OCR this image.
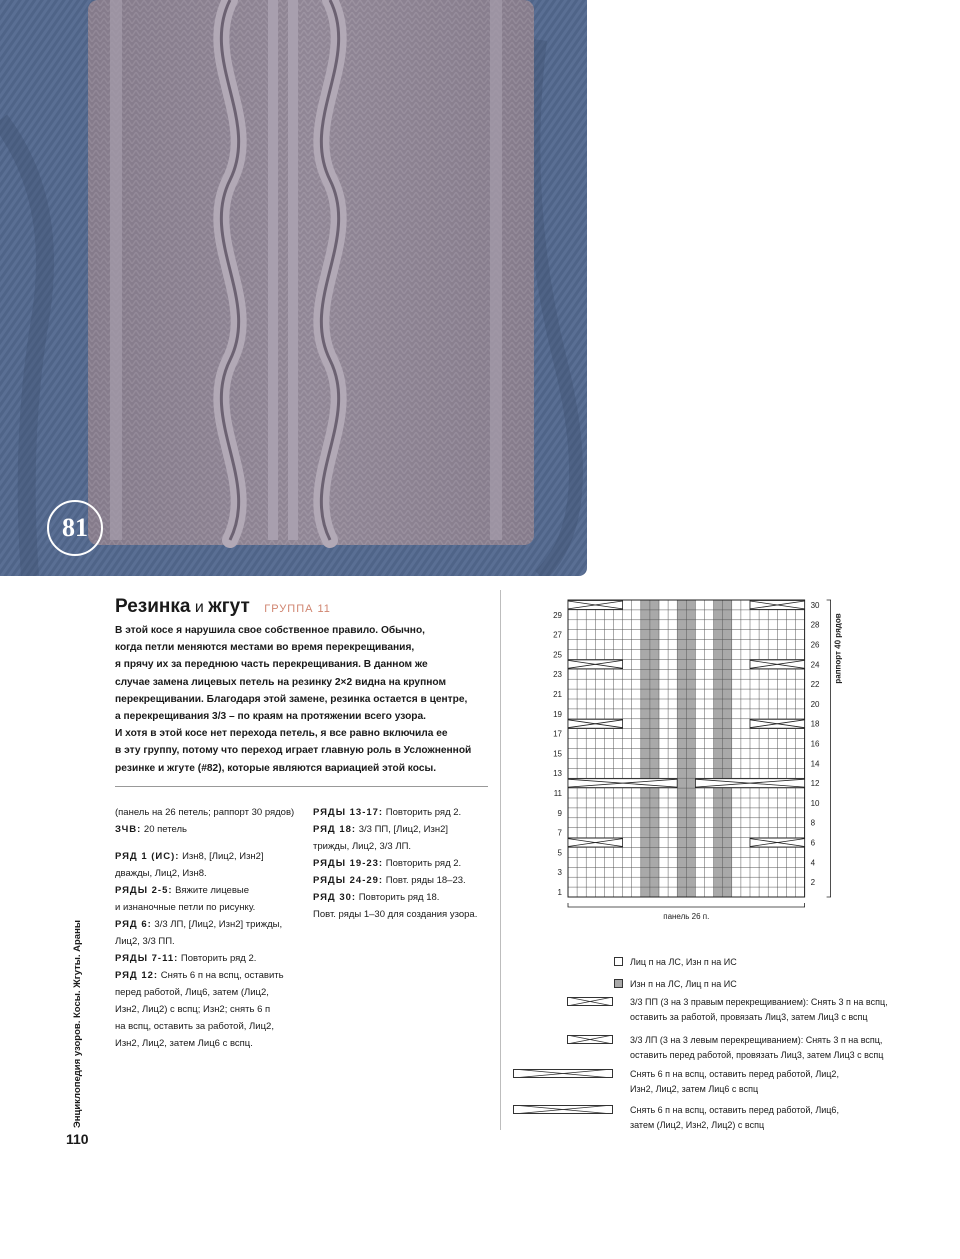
81
Резинка и жгут ГРУППА 11
В этой косе я нарушила свое собственное правило. Обычно,
когда петли меняются местами во время перекрещивания,
я прячу их за переднюю часть перекрещивания. В данном же
случае замена лицевых петель на резинку 2×2 видна на крупном
перекрещивании. Благодаря этой замене, резинка остается в центре,
а перекрещивания 3/3 – по краям на протяжении всего узора.
И хотя в этой косе нет перехода петель, я все равно включила ее
в эту группу, потому что переход играет главную роль в Усложненной
резинке и жгуте (#82), которые являются вариацией этой косы.
(панель на 26 петель; раппорт 30 рядов)
ЗЧВ: 20 петель
РЯД 1 (ИС): Изн8, [Лиц2, Изн2]
дважды, Лиц2, Изн8.
РЯДЫ 2-5: Вяжите лицевые
и изнаночные петли по рисунку.
РЯД 6: 3/3 ЛП, [Лиц2, Изн2] трижды,
Лиц2, 3/3 ПП.
РЯДЫ 7-11: Повторить ряд 2.
РЯД 12: Снять 6 п на вспц, оставить
перед работой, Лиц6, затем (Лиц2,
Изн2, Лиц2) с вспц; Изн2; снять 6 п
на вспц, оставить за работой, Лиц2,
Изн2, Лиц2, затем Лиц6 с вспц.
РЯДЫ 13-17: Повторить ряд 2.
РЯД 18: 3/3 ПП, [Лиц2, Изн2]
трижды, Лиц2, 3/3 ЛП.
РЯДЫ 19-23: Повторить ряд 2.
РЯДЫ 24-29: Повт. ряды 18–23.
РЯД 30: Повторить ряд 18.
Повт. ряды 1–30 для создания узора.
Энциклопедия узоров. Косы. Жгуты. Араны
110
1
3
5
7
9
11
13
15
17
19
21
23
25
27
29
2
4
6
8
10
12
14
16
18
20
22
24
26
28
30
панель 26 п.
раппорт 40 рядов
Лиц п на ЛС, Изн п на ИС
Изн п на ЛС, Лиц п на ИС
3/3 ПП (3 на 3 правым перекрещиванием): Снять 3 п на вспц,
оставить за работой, провязать Лиц3, затем Лиц3 с вспц
3/3 ЛП (3 на 3 левым перекрещиванием): Снять 3 п на вспц,
оставить перед работой, провязать Лиц3, затем Лиц3 с вспц
Снять 6 п на вспц, оставить перед работой, Лиц2,
Изн2, Лиц2, затем Лиц6 с вспц
Снять 6 п на вспц, оставить перед работой, Лиц6,
затем (Лиц2, Изн2, Лиц2) с вспц
